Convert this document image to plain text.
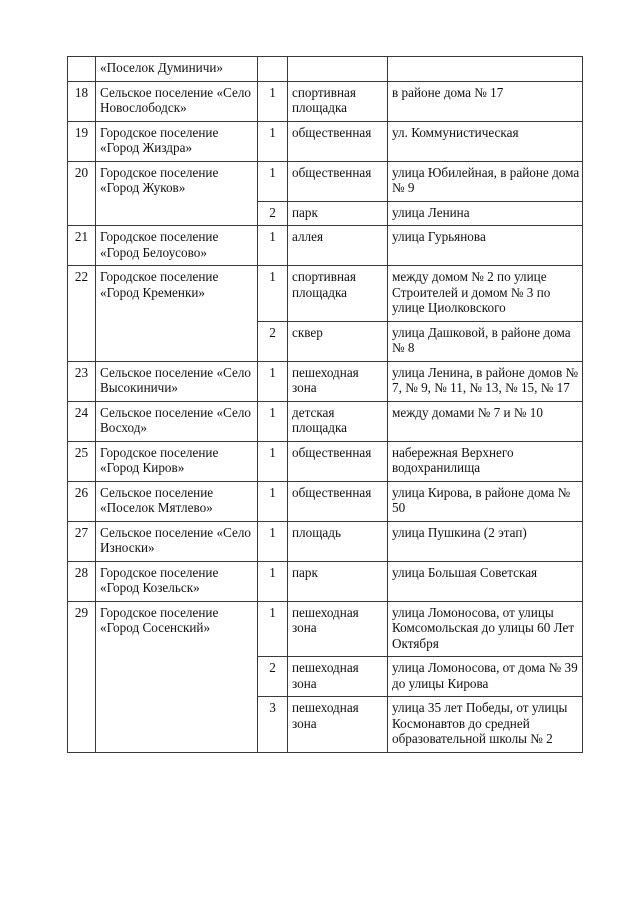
	«Поселок Думиничи»			
18	Сельское поселение «Село Новослободск»	1	спортивная площадка	в районе дома № 17
19	Городское поселение «Город Жиздра»	1	общественная	ул. Коммунистическая
20	Городское поселение «Город Жуков»	1	общественная	улица Юбилейная, в районе дома № 9
		2	парк	улица Ленина
21	Городское поселение «Город Белоусово»	1	аллея	улица Гурьянова
22	Городское поселение «Город Кременки»	1	спортивная площадка	между домом № 2 по улице Строителей и домом № 3 по улице Циолковского
		2	сквер	улица Дашковой, в районе дома № 8
23	Сельское поселение «Село Высокиничи»	1	пешеходная зона	улица Ленина, в районе домов № 7, № 9, № 11, № 13, № 15, № 17
24	Сельское поселение «Село Восход»	1	детская площадка	между домами № 7 и № 10
25	Городское поселение «Город Киров»	1	общественная	набережная Верхнего водохранилища
26	Сельское поселение «Поселок Мятлево»	1	общественная	улица Кирова, в районе дома № 50
27	Сельское поселение «Село Износки»	1	площадь	улица Пушкина (2 этап)
28	Городское поселение «Город Козельск»	1	парк	улица Большая Советская
29	Городское поселение «Город Сосенский»	1	пешеходная зона	улица Ломоносова, от улицы Комсомольская до улицы 60 Лет Октября
		2	пешеходная зона	улица Ломоносова, от дома № 39 до улицы Кирова
		3	пешеходная зона	улица 35 лет Победы, от улицы Космонавтов до средней образовательной школы № 2
